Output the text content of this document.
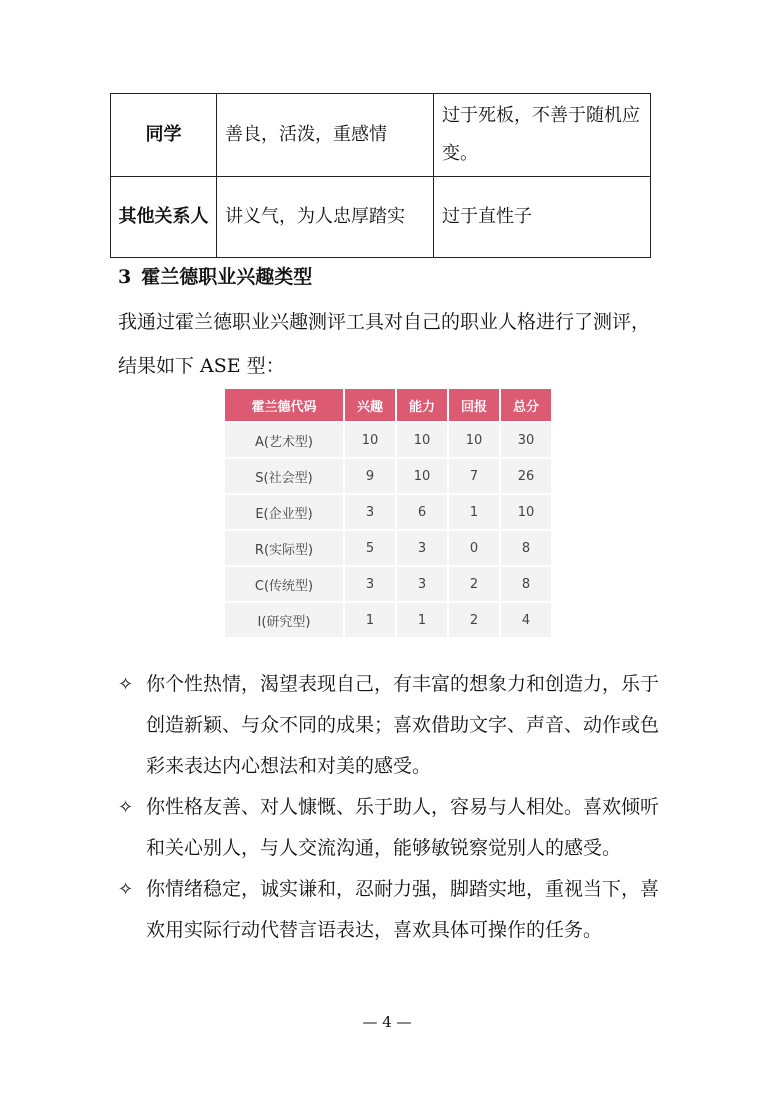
同学	善良，活泼，重感情	过于死板，不善于随机应变。
其他关系人	讲义气，为人忠厚踏实	过于直性子
3 霍兰德职业兴趣类型
我通过霍兰德职业兴趣测评工具对自己的职业人格进行了测评，结果如下 ASE 型：
霍兰德代码	兴趣	能力	回报	总分
A(艺术型)	10	10	10	30
S(社会型)	9	10	7	26
E(企业型)	3	6	1	10
R(实际型)	5	3	0	8
C(传统型)	3	3	2	8
I(研究型)	1	1	2	4
✧ 你个性热情，渴望表现自己，有丰富的想象力和创造力，乐于创造新颖、与众不同的成果；喜欢借助文字、声音、动作或色彩来表达内心想法和对美的感受。
✧ 你性格友善、对人慷慨、乐于助人，容易与人相处。喜欢倾听和关心别人，与人交流沟通，能够敏锐察觉别人的感受。
✧ 你情绪稳定，诚实谦和，忍耐力强，脚踏实地，重视当下，喜欢用实际行动代替言语表达，喜欢具体可操作的任务。
— 4 —
